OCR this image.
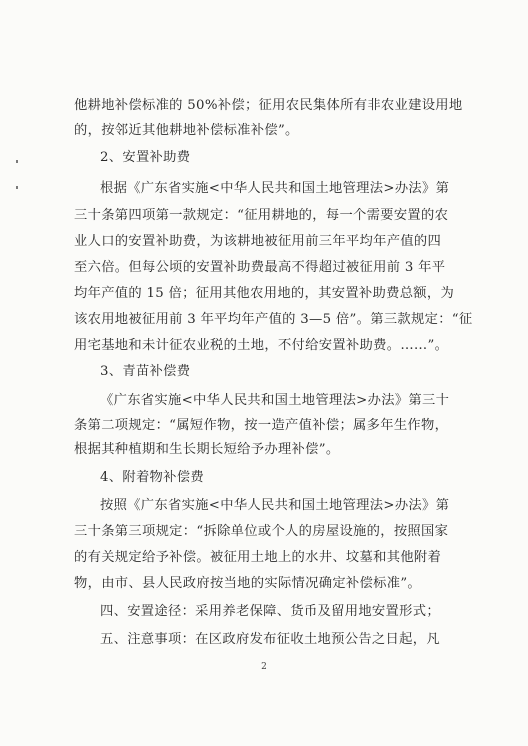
他耕地补偿标准的 50%补偿；征用农民集体所有非农业建设用地
的，按邻近其他耕地补偿标准补偿”。
2、安置补助费
根据《广东省实施<中华人民共和国土地管理法>办法》第
三十条第四项第一款规定：“征用耕地的，每一个需要安置的农
业人口的安置补助费，为该耕地被征用前三年平均年产值的四
至六倍。但每公顷的安置补助费最高不得超过被征用前 3 年平
均年产值的 15 倍；征用其他农用地的，其安置补助费总额，为
该农用地被征用前 3 年平均年产值的 3—5 倍”。第三款规定：“征
用宅基地和未计征农业税的土地，不付给安置补助费。……”。
3、青苗补偿费
《广东省实施<中华人民共和国土地管理法>办法》第三十
条第二项规定：“属短作物，按一造产值补偿；属多年生作物，
根据其种植期和生长期长短给予办理补偿”。
4、附着物补偿费
按照《广东省实施<中华人民共和国土地管理法>办法》第
三十条第三项规定：“拆除单位或个人的房屋设施的，按照国家
的有关规定给予补偿。被征用土地上的水井、坟墓和其他附着
物，由市、县人民政府按当地的实际情况确定补偿标准”。
四、安置途径：采用养老保障、货币及留用地安置形式；
五、注意事项：在区政府发布征收土地预公告之日起，凡
2
